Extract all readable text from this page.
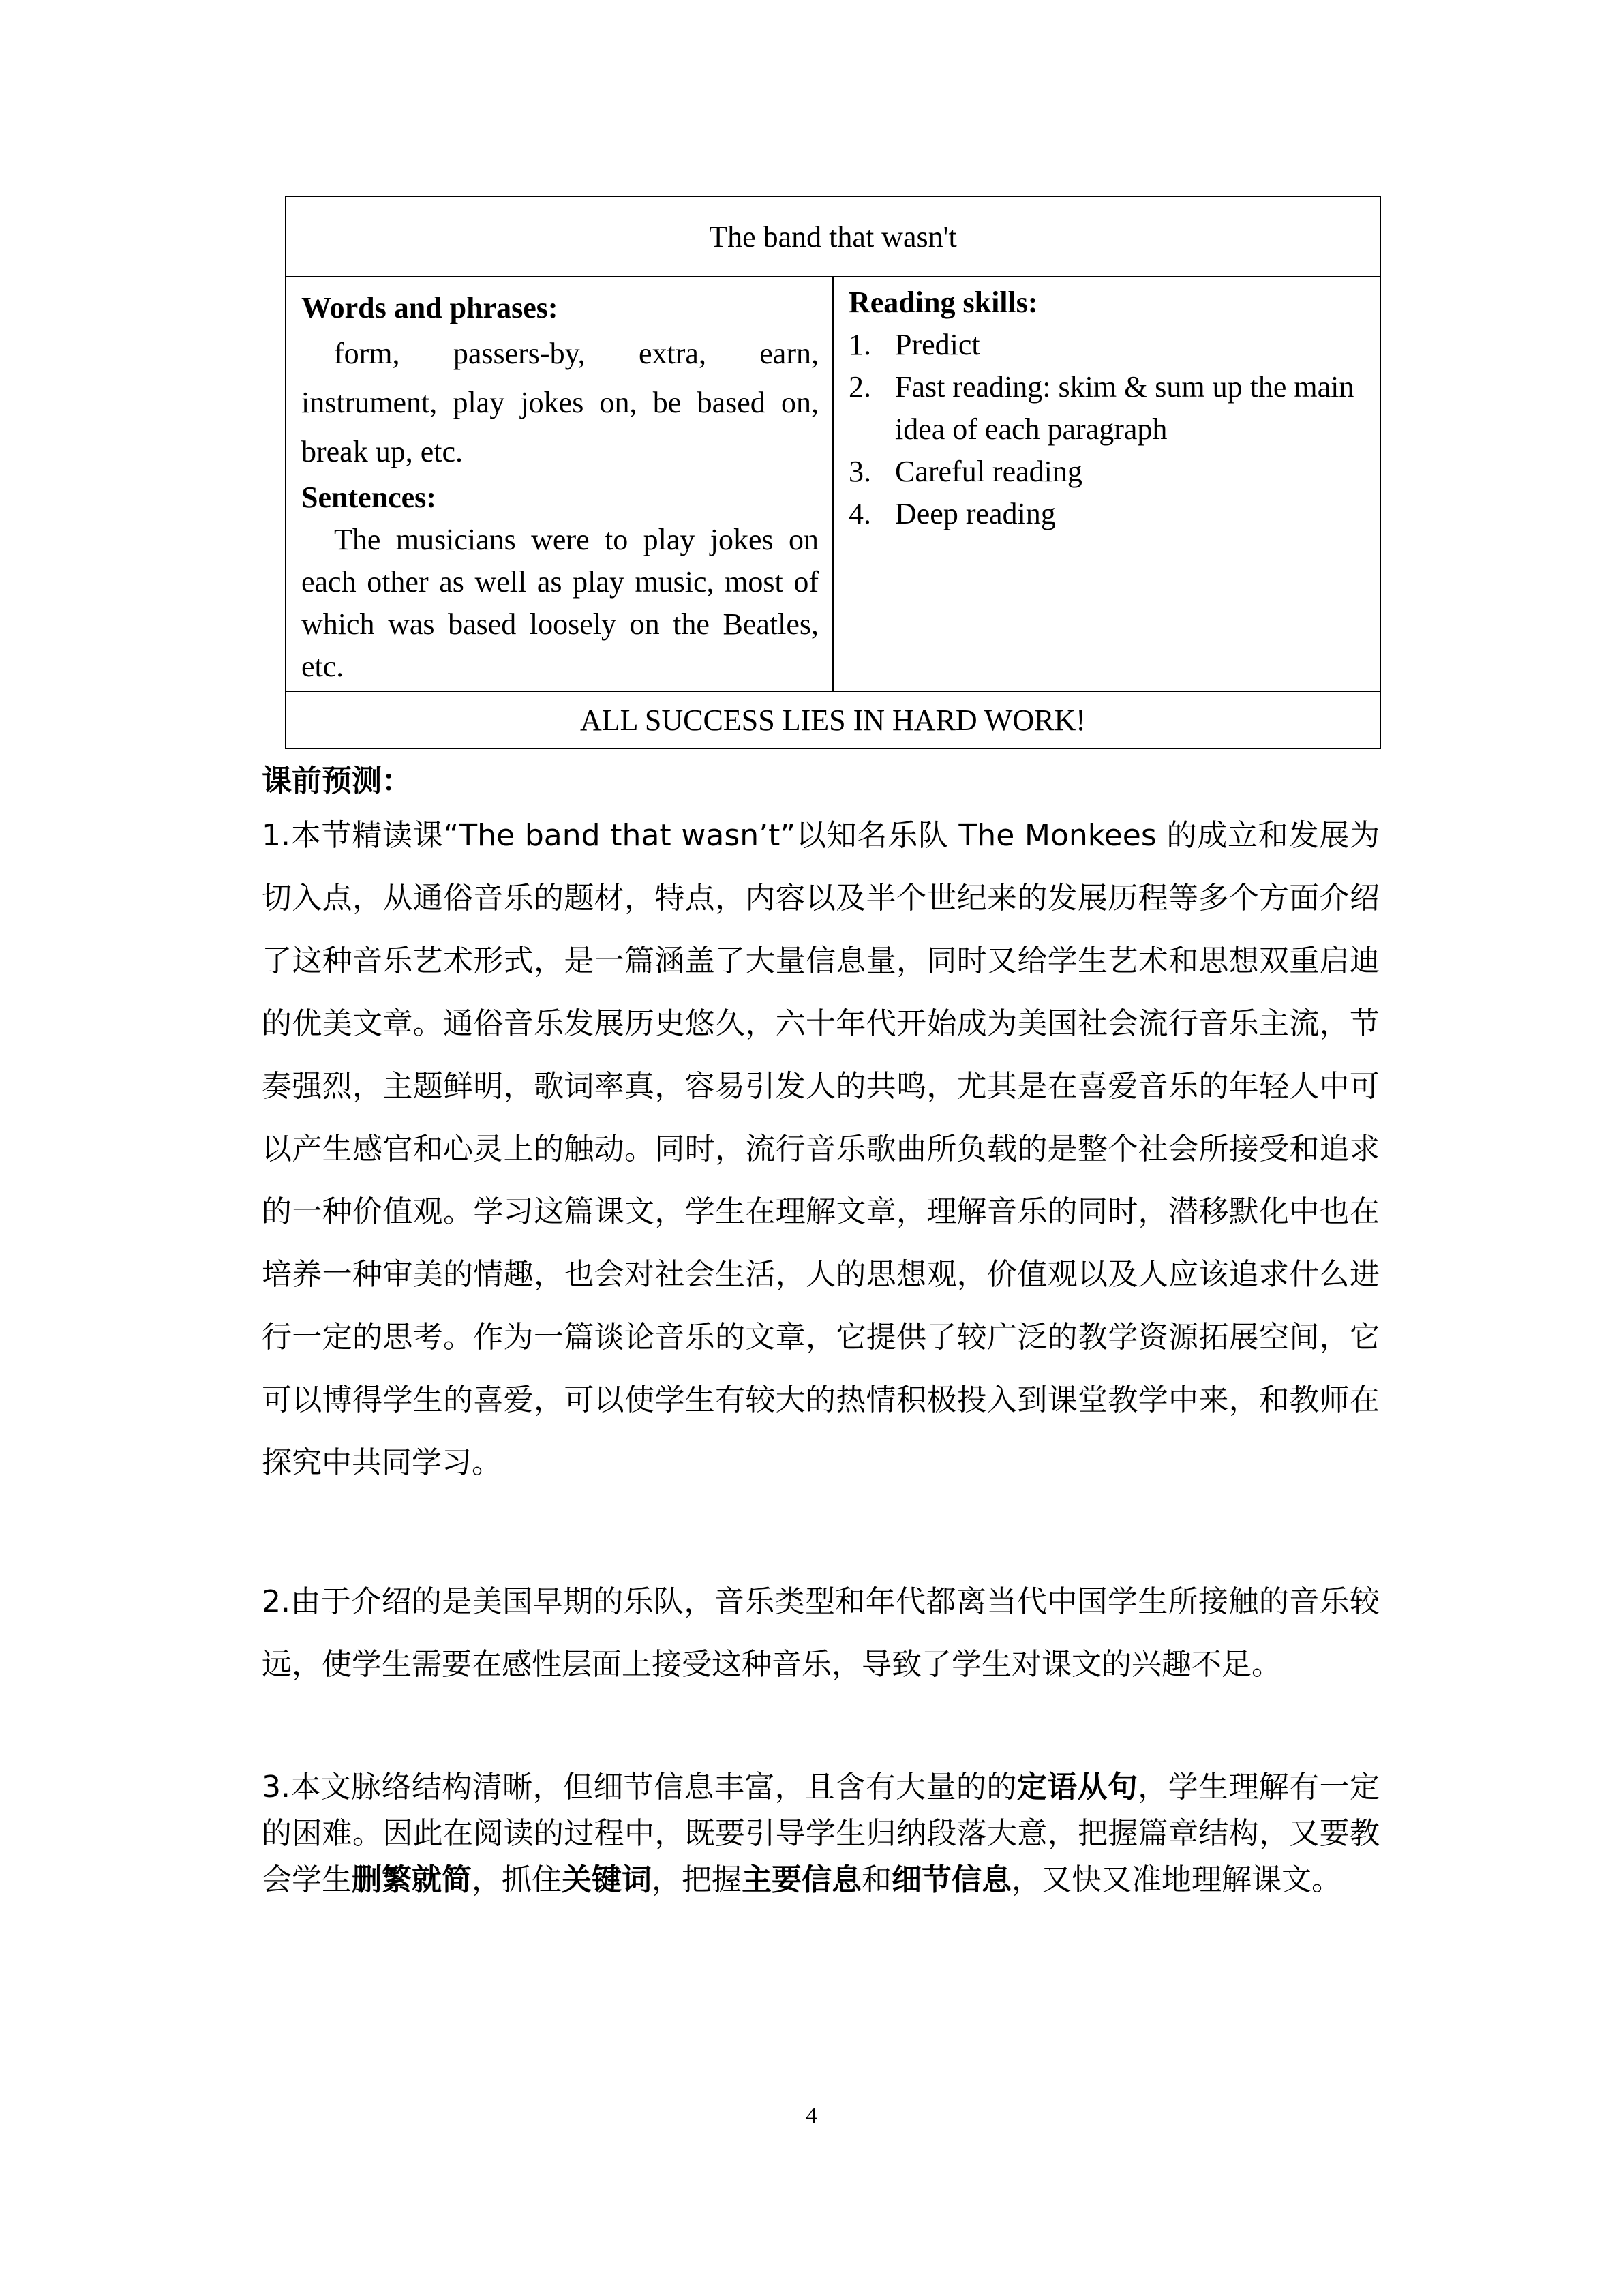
The band that wasn't

Words and phrases:

form, passers-by, extra, earn, instrument, play jokes on, be based on, break up, etc.

Sentences:

The musicians were to play jokes on each other as well as play music, most of which was based loosely on the Beatles, etc.

Reading skills:
1. Predict
2. Fast reading: skim & sum up the main idea of each paragraph
3. Careful reading
4. Deep reading

ALL SUCCESS LIES IN HARD WORK!
课前预测：

1.本节精读课“The band that wasn’t”以知名乐队 The Monkees 的成立和发展为切入点，从通俗音乐的题材，特点，内容以及半个世纪来的发展历程等多个方面介绍了这种音乐艺术形式，是一篇涵盖了大量信息量，同时又给学生艺术和思想双重启迪的优美文章。通俗音乐发展历史悠久，六十年代开始成为美国社会流行音乐主流，节奏强烈，主题鲜明，歌词率真，容易引发人的共鸣，尤其是在喜爱音乐的年轻人中可以产生感官和心灵上的触动。同时，流行音乐歌曲所负载的是整个社会所接受和追求的一种价值观。学习这篇课文，学生在理解文章，理解音乐的同时，潜移默化中也在培养一种审美的情趣，也会对社会生活，人的思想观，价值观以及人应该追求什么进行一定的思考。作为一篇谈论音乐的文章，它提供了较广泛的教学资源拓展空间，它可以博得学生的喜爱，可以使学生有较大的热情积极投入到课堂教学中来，和教师在探究中共同学习。

2.由于介绍的是美国早期的乐队，音乐类型和年代都离当代中国学生所接触的音乐较远，使学生需要在感性层面上接受这种音乐，导致了学生对课文的兴趣不足。

3.本文脉络结构清晰，但细节信息丰富，且含有大量的的定语从句，学生理解有一定的困难。因此在阅读的过程中，既要引导学生归纳段落大意，把握篇章结构，又要教会学生删繁就简，抓住关键词，把握主要信息和细节信息，又快又准地理解课文。

4
